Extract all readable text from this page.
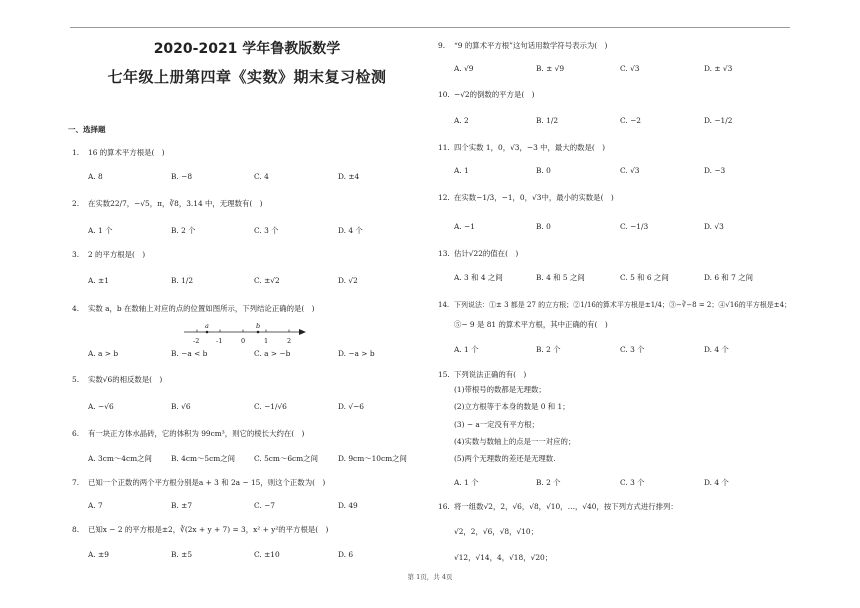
2020-2021 学年鲁教版数学
七年级上册第四章《实数》期末复习检测
一、选择题
1. 16 的算术平方根是(　)
A. 8	B. −8	C. 4	D. ±4
2. 在实数22/7，−√5，π，∛8，3.14 中，无理数有(　)
A. 1 个	B. 2 个	C. 3 个	D. 4 个
3. 2 的平方根是(　)
A. ±1	B. 1/2	C. ±√2	D. √2
4. 实数 a，b 在数轴上对应的点的位置如图所示，下列结论正确的是(　)
A. a > b	B. −a < b	C. a > −b	D. −a > b
5. 实数√6的相反数是(　)
A. −√6	B. √6	C. −1/√6	D. √−6
6. 有一块正方体水晶砖，它的体积为 99cm³，则它的棱长大约在(　)
A. 3cm～4cm之间	B. 4cm～5cm之间	C. 5cm～6cm之间	D. 9cm～10cm之间
7. 已知一个正数的两个平方根分别是a + 3 和 2a − 15，则这个正数为(　)
A. 7	B. ±7	C. −7	D. 49
8. 已知x − 2 的平方根是±2，∛(2x + y + 7) = 3，x² + y²的平方根是(　)
A. ±9	B. ±5	C. ±10	D. 6
-2	-1	0	1	2
a	b
9. “9 的算术平方根”这句话用数学符号表示为(　)
A. √9	B. ± √9	C. √3	D. ± √3
10. −√2的倒数的平方是(　)
A. 2	B. 1/2	C. −2	D. −1/2
11. 四个实数 1，0，√3，−3 中，最大的数是(　)
A. 1	B. 0	C. √3	D. −3
12. 在实数−1/3，−1，0，√3中，最小的实数是(　)
A. −1	B. 0	C. −1/3	D. √3
13. 估计√22的值在(　)
A. 3 和 4 之间	B. 4 和 5 之间	C. 5 和 6 之间	D. 6 和 7 之间
14. 下列说法：①± 3 都是 27 的立方根；②1/16的算术平方根是±1/4；③−∛−8 = 2；④√16的平方根是±4；
⑤− 9 是 81 的算术平方根，其中正确的有(　)
A. 1 个	B. 2 个	C. 3 个	D. 4 个
15. 下列说法正确的有(　)
(1)带根号的数都是无理数；
(2)立方根等于本身的数是 0 和 1；
(3) − a一定没有平方根；
(4)实数与数轴上的点是一一对应的；
(5)两个无理数的差还是无理数.
A. 1 个	B. 2 个	C. 3 个	D. 4 个
16. 将一组数√2，2，√6，√8，√10，…，√40，按下列方式进行排列：
√2，2，√6，√8，√10；
√12，√14，4，√18，√20；
第 1页，共 4页
